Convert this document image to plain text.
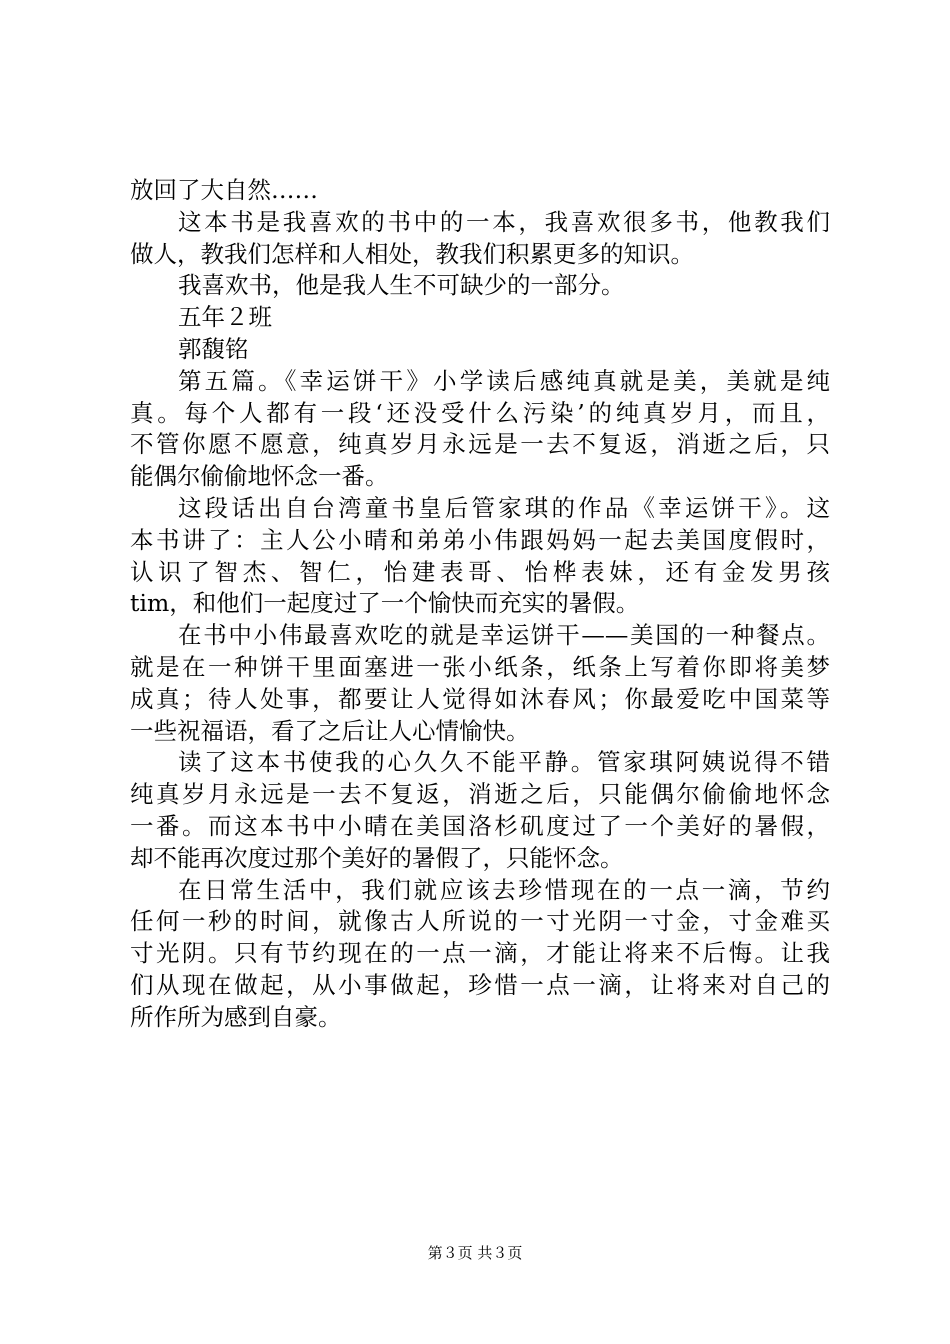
放回了大自然……
这本书是我喜欢的书中的一本，我喜欢很多书，他教我们
做人，教我们怎样和人相处，教我们积累更多的知识。
我喜欢书，他是我人生不可缺少的一部分。
五年２班
郭馥铭
第五篇。《幸运饼干》小学读后感纯真就是美，美就是纯
真。每个人都有一段‘还没受什么污染’的纯真岁月，而且，
不管你愿不愿意，纯真岁月永远是一去不复返，消逝之后，只
能偶尔偷偷地怀念一番。
这段话出自台湾童书皇后管家琪的作品《幸运饼干》。这
本书讲了：主人公小晴和弟弟小伟跟妈妈一起去美国度假时，
认识了智杰、智仁，怡建表哥、怡桦表妹，还有金发男孩
tim，和他们一起度过了一个愉快而充实的暑假。
在书中小伟最喜欢吃的就是幸运饼干——美国的一种餐点。
就是在一种饼干里面塞进一张小纸条，纸条上写着你即将美梦
成真；待人处事，都要让人觉得如沐春风；你最爱吃中国菜等
一些祝福语，看了之后让人心情愉快。
读了这本书使我的心久久不能平静。管家琪阿姨说得不错
纯真岁月永远是一去不复返，消逝之后，只能偶尔偷偷地怀念
一番。而这本书中小晴在美国洛杉矶度过了一个美好的暑假，
却不能再次度过那个美好的暑假了，只能怀念。
在日常生活中，我们就应该去珍惜现在的一点一滴，节约
任何一秒的时间，就像古人所说的一寸光阴一寸金，寸金难买
寸光阴。只有节约现在的一点一滴，才能让将来不后悔。让我
们从现在做起，从小事做起，珍惜一点一滴，让将来对自己的
所作所为感到自豪。
第３页 共３页
